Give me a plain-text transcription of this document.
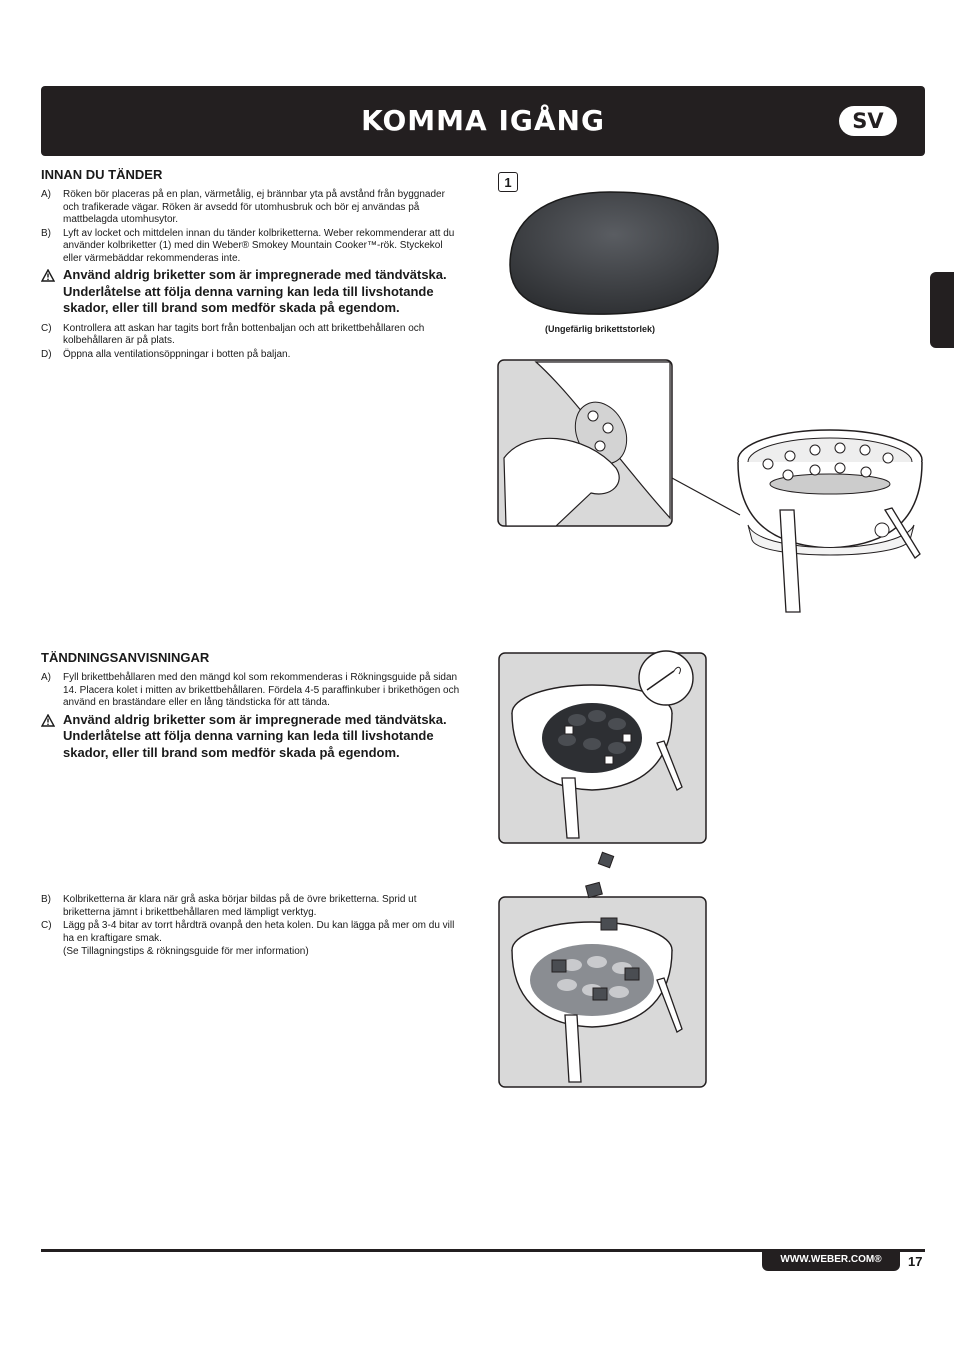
KOMMA IGÅNG	SV
INNAN DU TÄNDER
A) Röken bör placeras på en plan, värmetålig, ej brännbar yta på avstånd från byggnader och trafikerade vägar. Röken är avsedd för utomhusbruk och bör ej användas på mattbelagda utomhusytor.
B) Lyft av locket och mittdelen innan du tänder kolbriketterna. Weber rekommenderar att du använder kolbriketter (1) med din Weber® Smokey Mountain Cooker™-rök. Styckekol eller värmebäddar rekommenderas inte.
Använd aldrig briketter som är impregnerade med tändvätska. Underlåtelse att följa denna varning kan leda till livshotande skador, eller till brand som medför skada på egendom.
C) Kontrollera att askan har tagits bort från bottenbaljan och att brikettbehållaren och kolbehållaren är på plats.
D) Öppna alla ventilationsöppningar i botten på baljan.
TÄNDNINGSANVISNINGAR
A) Fyll brikettbehållaren med den mängd kol som rekommenderas i Rökningsguide på sidan 14. Placera kolet i mitten av brikettbehållaren. Fördela 4-5 paraffinkuber i brikethögen och använd en braständare eller en lång tändsticka för att tända.
Använd aldrig briketter som är impregnerade med tändvätska. Underlåtelse att följa denna varning kan leda till livshotande skador, eller till brand som medför skada på egendom.
B) Kolbriketterna är klara när grå aska börjar bildas på de övre briketterna. Sprid ut briketterna jämnt i brikettbehållaren med lämpligt verktyg.
C) Lägg på 3-4 bitar av torrt hårdträ ovanpå den heta kolen. Du kan lägga på mer om du vill ha en kraftigare smak.
(Se Tillagningstips & rökningsguide för mer information)
1
(Ungefärlig brikettstorlek)
WWW.WEBER.COM®	17
